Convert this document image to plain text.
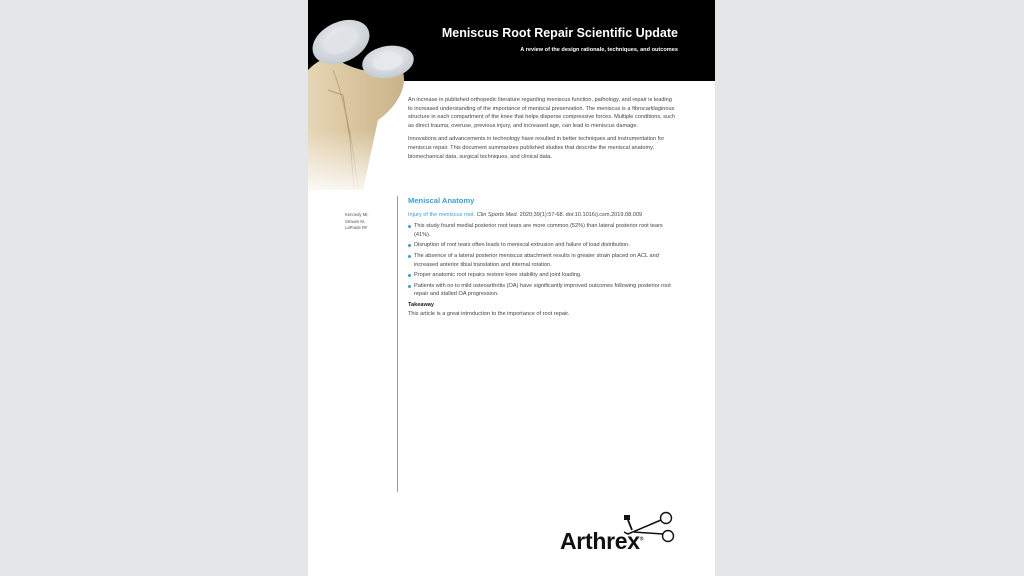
Meniscus Root Repair Scientific Update
A review of the design rationale, techniques, and outcomes

An increase in published orthopedic literature regarding meniscus function, pathology, and repair is leading to increased understanding of the importance of meniscal preservation. The meniscus is a fibrocartilaginous structure in each compartment of the knee that helps disperse compressive forces. Multiple conditions, such as direct trauma, overuse, previous injury, and increased age, can lead to meniscus damage.

Innovations and advancements in technology have resulted in better techniques and instrumentation for meniscus repair. This document summarizes published studies that describe the meniscal anatomy, biomechanical data, surgical techniques, and clinical data.

Kennedy MI,
Strauss M,
LaPrade RF
Meniscal Anatomy
Injury of the meniscus root. Clin Sports Med. 2020;39(1):57-68. doi:10.1016/j.csm.2019.08.009
This study found medial posterior root tears are more common (52%) than lateral posterior root tears (41%).
Disruption of root tears often leads to meniscal extrusion and failure of load distribution.
The absence of a lateral posterior meniscus attachment results in greater strain placed on ACL and increased anterior tibial translation and internal rotation.
Proper anatomic root repairs restore knee stability and joint loading.
Patients with no to mild osteoarthritis (OA) have significantly improved outcomes following posterior root repair and stalled OA progression.
Takeaway
This article is a great introduction to the importance of root repair.
Arthrex®
